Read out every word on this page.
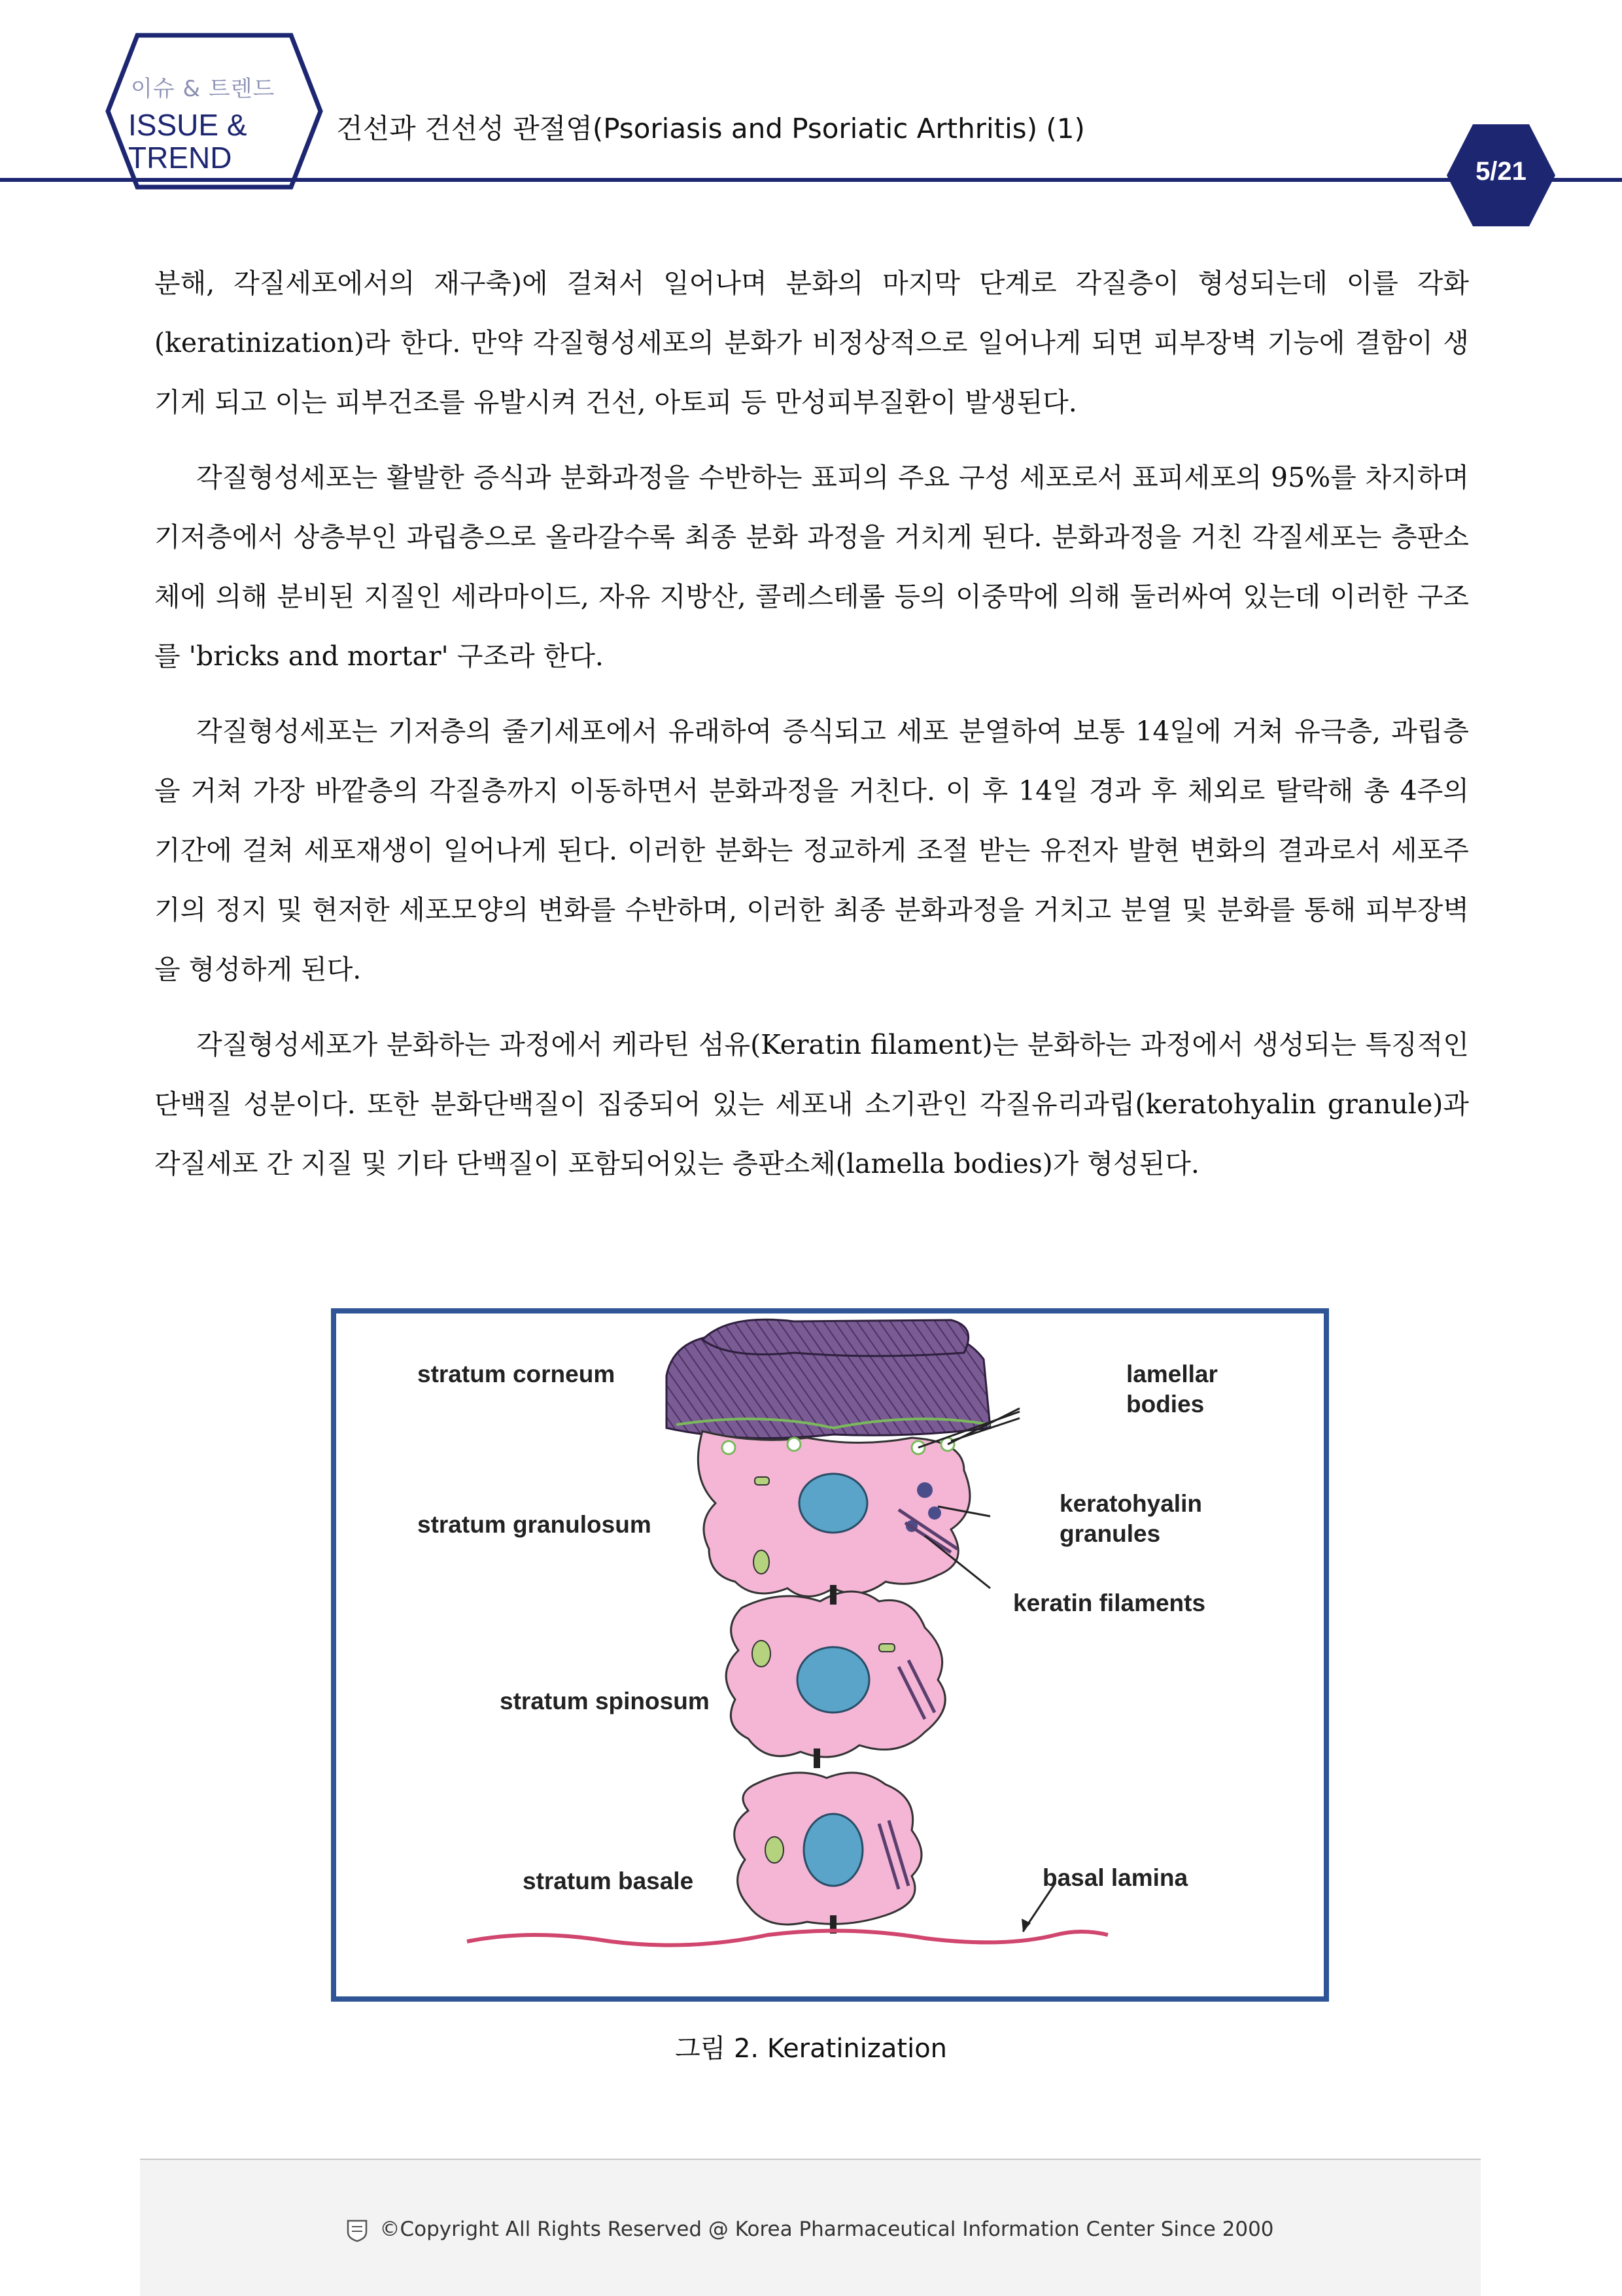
이슈 & 트렌드
ISSUE &
TREND
건선과 건선성 관절염(Psoriasis and Psoriatic Arthritis) (1)
5/21

분해, 각질세포에서의 재구축)에 걸쳐서 일어나며 분화의 마지막 단계로 각질층이 형성되는데 이를 각화(keratinization)라 한다. 만약 각질형성세포의 분화가 비정상적으로 일어나게 되면 피부장벽 기능에 결함이 생기게 되고 이는 피부건조를 유발시켜 건선, 아토피 등 만성피부질환이 발생된다.

각질형성세포는 활발한 증식과 분화과정을 수반하는 표피의 주요 구성 세포로서 표피세포의 95%를 차지하며 기저층에서 상층부인 과립층으로 올라갈수록 최종 분화 과정을 거치게 된다. 분화과정을 거친 각질세포는 층판소체에 의해 분비된 지질인 세라마이드, 자유 지방산, 콜레스테롤 등의 이중막에 의해 둘러싸여 있는데 이러한 구조를 'bricks and mortar' 구조라 한다.

각질형성세포는 기저층의 줄기세포에서 유래하여 증식되고 세포 분열하여 보통 14일에 거쳐 유극층, 과립층을 거쳐 가장 바깥층의 각질층까지 이동하면서 분화과정을 거친다. 이 후 14일 경과 후 체외로 탈락해 총 4주의 기간에 걸쳐 세포재생이 일어나게 된다. 이러한 분화는 정교하게 조절 받는 유전자 발현 변화의 결과로서 세포주기의 정지 및 현저한 세포모양의 변화를 수반하며, 이러한 최종 분화과정을 거치고 분열 및 분화를 통해 피부장벽을 형성하게 된다.

각질형성세포가 분화하는 과정에서 케라틴 섬유(Keratin filament)는 분화하는 과정에서 생성되는 특징적인 단백질 성분이다. 또한 분화단백질이 집중되어 있는 세포내 소기관인 각질유리과립(keratohyalin granule)과 각질세포 간 지질 및 기타 단백질이 포함되어있는 층판소체(lamella bodies)가 형성된다.

stratum corneum
stratum granulosum
stratum spinosum
stratum basale
lamellar
bodies
keratohyalin
granules
keratin filaments
basal lamina
그림 2. Keratinization
©Copyright All Rights Reserved @ Korea Pharmaceutical Information Center Since 2000
